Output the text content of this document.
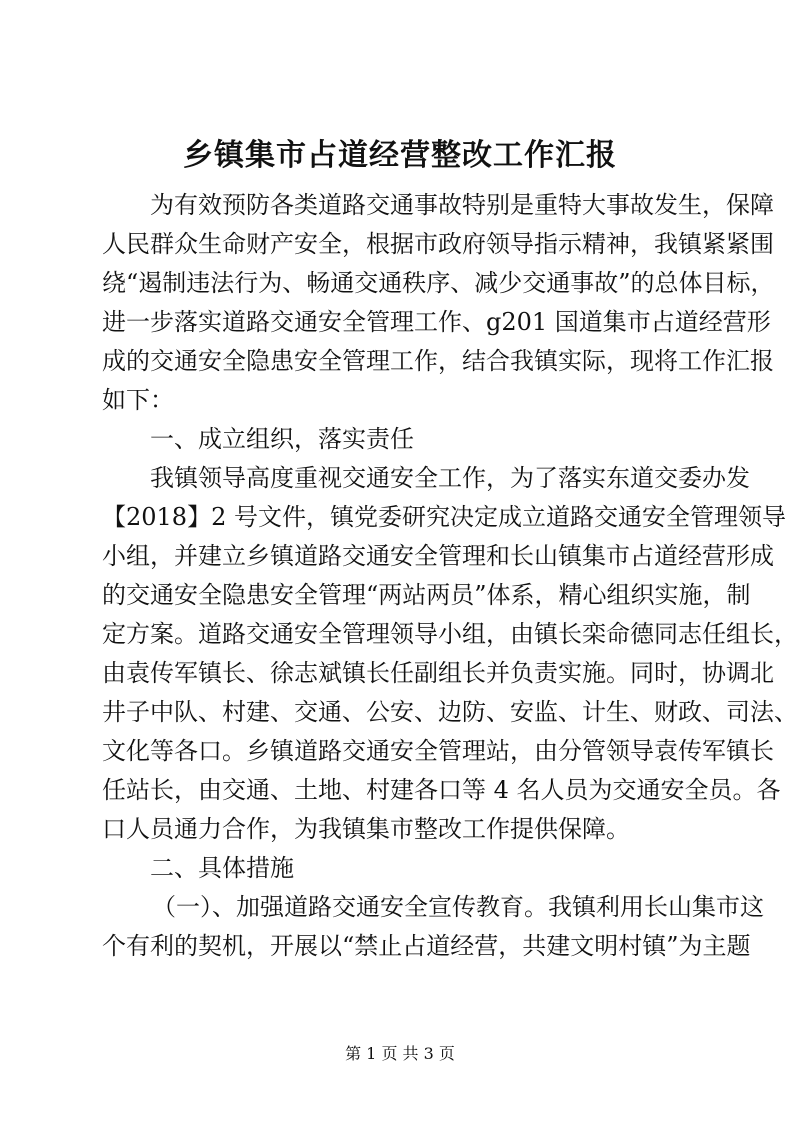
乡镇集市占道经营整改工作汇报
为有效预防各类道路交通事故特别是重特大事故发生，保障
人民群众生命财产安全，根据市政府领导指示精神，我镇紧紧围
绕“遏制违法行为、畅通交通秩序、减少交通事故”的总体目标，
进一步落实道路交通安全管理工作、g201 国道集市占道经营形
成的交通安全隐患安全管理工作，结合我镇实际，现将工作汇报
如下：
一、成立组织，落实责任
我镇领导高度重视交通安全工作，为了落实东道交委办发
【2018】2 号文件，镇党委研究决定成立道路交通安全管理领导
小组，并建立乡镇道路交通安全管理和长山镇集市占道经营形成
的交通安全隐患安全管理“两站两员”体系，精心组织实施，制
定方案。道路交通安全管理领导小组，由镇长栾命德同志任组长，
由袁传军镇长、徐志斌镇长任副组长并负责实施。同时，协调北
井子中队、村建、交通、公安、边防、安监、计生、财政、司法、
文化等各口。乡镇道路交通安全管理站，由分管领导袁传军镇长
任站长，由交通、土地、村建各口等 4 名人员为交通安全员。各
口人员通力合作，为我镇集市整改工作提供保障。
二、具体措施
（一）、加强道路交通安全宣传教育。我镇利用长山集市这
个有利的契机，开展以“禁止占道经营，共建文明村镇”为主题
第 1 页 共 3 页
